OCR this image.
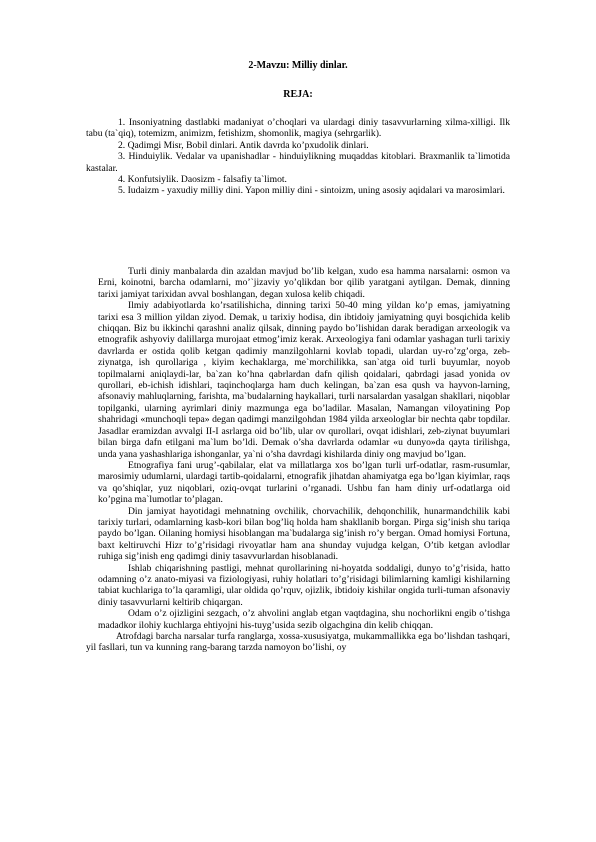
2-Mavzu: Milliy dinlar.
REJA:

1. Insoniyatning dastlabki madaniyat o’choqlari va ulardagi diniy tasavvurlarning xilma-xilligi. Ilk tabu (ta`qiq), totemizm, animizm, fetishizm, shomonlik, magiya (sehrgarlik).

2. Qadimgi Misr, Bobil dinlari. Antik davrda ko’pxudolik dinlari.

3. Hinduiylik. Vedalar va upanishadlar - hinduiylikning muqaddas kitoblari. Braxmanlik ta`limotida kastalar.

4. Konfutsiylik. Daosizm - falsafiy ta`limot.

5. Iudaizm - yaxudiy milliy dini. Yapon milliy dini - sintoizm, uning asosiy aqidalari va marosimlari.

Turli diniy manbalarda din azaldan mavjud bo’lib kelgan, xudo esa hamma narsalarni: osmon va Erni, koinotni, barcha odamlarni, mo’`jizaviy yo’qlikdan bor qilib yaratgani aytilgan. Demak, dinning tarixi jamiyat tarixidan avval boshlangan, degan xulosa kelib chiqadi.

Ilmiy adabiyotlarda ko’rsatilishicha, dinning tarixi 50-40 ming yildan ko’p emas, jamiyatning tarixi esa 3 million yildan ziyod. Demak, u tarixiy hodisa, din ibtidoiy jamiyatning quyi bosqichida kelib chiqqan. Biz bu ikkinchi qarashni analiz qilsak, dinning paydo bo’lishidan darak beradigan arxeologik va etnografik ashyoviy dalillarga murojaat etmog’imiz kerak. Arxeologiya fani odamlar yashagan turli tarixiy davrlarda er ostida qolib ketgan qadimiy manzilgohlarni kovlab topadi, ulardan uy-ro’zg’orga, zeb-ziynatga, ish qurollariga , kiyim kechaklarga, me`morchilikka, san`atga oid turli buyumlar, noyob topilmalarni aniqlaydi-lar, ba`zan ko’hna qabrlardan dafn qilish qoidalari, qabrdagi jasad yonida ov qurollari, eb-ichish idishlari, taqinchoqlarga ham duch kelingan, ba`zan esa qush va hayvon-larning, afsonaviy mahluqlarning, farishta, ma`budalarning haykallari, turli narsalardan yasalgan shakllari, niqoblar topilganki, ularning ayrimlari diniy mazmunga ega bo’ladilar. Masalan, Namangan viloyatining Pop shahridagi «munchoqli tepa» degan qadimgi manzilgohdan 1984 yilda arxeologlar bir nechta qabr topdilar. Jasadlar eramizdan avvalgi II-I asrlarga oid bo’lib, ular ov qurollari, ovqat idishlari, zeb-ziynat buyumlari bilan birga dafn etilgani ma`lum bo’ldi. Demak o’sha davrlarda odamlar «u dunyo»da qayta tirilishga, unda yana yashashlariga ishonganlar, ya`ni o’sha davrdagi kishilarda diniy ong mavjud bo’lgan.

Etnografiya fani urug’-qabilalar, elat va millatlarga xos bo’lgan turli urf-odatlar, rasm-rusumlar, marosimiy udumlarni, ulardagi tartib-qoidalarni, etnografik jihatdan ahamiyatga ega bo’lgan kiyimlar, raqs va qo’shiqlar, yuz niqoblari, oziq-ovqat turlarini o’rganadi. Ushbu fan ham diniy urf-odatlarga oid ko’pgina ma`lumotlar to’plagan.

Din jamiyat hayotidagi mehnatning ovchilik, chorvachilik, dehqonchilik, hunarmandchilik kabi tarixiy turlari, odamlarning kasb-kori bilan bog’liq holda ham shakllanib borgan. Pirga sig’inish shu tariqa paydo bo’lgan. Oilaning homiysi hisoblangan ma`budalarga sig’inish ro’y bergan. Omad homiysi Fortuna, baxt keltiruvchi Hizr to’g’risidagi rivoyatlar ham ana shunday vujudga kelgan, O’tib ketgan avlodlar ruhiga sig’inish eng qadimgi diniy tasavvurlardan hisoblanadi.

Ishlab chiqarishning pastligi, mehnat qurollarining ni-hoyatda soddaligi, dunyo to’g’risida, hatto odamning o’z anato-miyasi va fiziologiyasi, ruhiy holatlari to’g’risidagi bilimlarning kamligi kishilarning tabiat kuchlariga to’la qaramligi, ular oldida qo’rquv, ojizlik, ibtidoiy kishilar ongida turli-tuman afsonaviy diniy tasavvurlarni keltirib chiqargan.

Odam o’z ojizligini sezgach, o’z ahvolini anglab etgan vaqtdagina, shu nochorlikni engib o’tishga madadkor ilohiy kuchlarga ehtiyojni his-tuyg’usida sezib olgachgina din kelib chiqqan.

Atrofdagi barcha narsalar turfa ranglarga, xossa-xususiyatga, mukammallikka ega bo’lishdan tashqari, yil fasllari, tun va kunning rang-barang tarzda namoyon bo’lishi, oy
